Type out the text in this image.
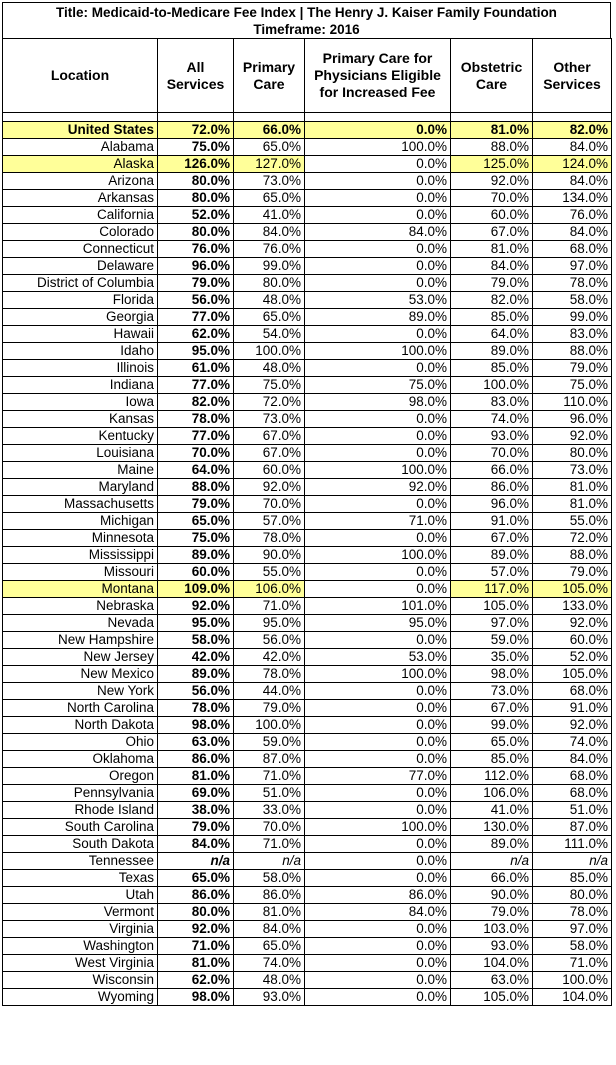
Title: Medicaid-to-Medicare Fee Index | The Henry J. Kaiser Family Foundation
Timeframe: 2016
Location	All Services	Primary Care	Primary Care for Physicians Eligible for Increased Fee	Obstetric Care	Other Services

United States	72.0%	66.0%	0.0%	81.0%	82.0%
Alabama	75.0%	65.0%	100.0%	88.0%	84.0%
Alaska	126.0%	127.0%	0.0%	125.0%	124.0%
Arizona	80.0%	73.0%	0.0%	92.0%	84.0%
Arkansas	80.0%	65.0%	0.0%	70.0%	134.0%
California	52.0%	41.0%	0.0%	60.0%	76.0%
Colorado	80.0%	84.0%	84.0%	67.0%	84.0%
Connecticut	76.0%	76.0%	0.0%	81.0%	68.0%
Delaware	96.0%	99.0%	0.0%	84.0%	97.0%
District of Columbia	79.0%	80.0%	0.0%	79.0%	78.0%
Florida	56.0%	48.0%	53.0%	82.0%	58.0%
Georgia	77.0%	65.0%	89.0%	85.0%	99.0%
Hawaii	62.0%	54.0%	0.0%	64.0%	83.0%
Idaho	95.0%	100.0%	100.0%	89.0%	88.0%
Illinois	61.0%	48.0%	0.0%	85.0%	79.0%
Indiana	77.0%	75.0%	75.0%	100.0%	75.0%
Iowa	82.0%	72.0%	98.0%	83.0%	110.0%
Kansas	78.0%	73.0%	0.0%	74.0%	96.0%
Kentucky	77.0%	67.0%	0.0%	93.0%	92.0%
Louisiana	70.0%	67.0%	0.0%	70.0%	80.0%
Maine	64.0%	60.0%	100.0%	66.0%	73.0%
Maryland	88.0%	92.0%	92.0%	86.0%	81.0%
Massachusetts	79.0%	70.0%	0.0%	96.0%	81.0%
Michigan	65.0%	57.0%	71.0%	91.0%	55.0%
Minnesota	75.0%	78.0%	0.0%	67.0%	72.0%
Mississippi	89.0%	90.0%	100.0%	89.0%	88.0%
Missouri	60.0%	55.0%	0.0%	57.0%	79.0%
Montana	109.0%	106.0%	0.0%	117.0%	105.0%
Nebraska	92.0%	71.0%	101.0%	105.0%	133.0%
Nevada	95.0%	95.0%	95.0%	97.0%	92.0%
New Hampshire	58.0%	56.0%	0.0%	59.0%	60.0%
New Jersey	42.0%	42.0%	53.0%	35.0%	52.0%
New Mexico	89.0%	78.0%	100.0%	98.0%	105.0%
New York	56.0%	44.0%	0.0%	73.0%	68.0%
North Carolina	78.0%	79.0%	0.0%	67.0%	91.0%
North Dakota	98.0%	100.0%	0.0%	99.0%	92.0%
Ohio	63.0%	59.0%	0.0%	65.0%	74.0%
Oklahoma	86.0%	87.0%	0.0%	85.0%	84.0%
Oregon	81.0%	71.0%	77.0%	112.0%	68.0%
Pennsylvania	69.0%	51.0%	0.0%	106.0%	68.0%
Rhode Island	38.0%	33.0%	0.0%	41.0%	51.0%
South Carolina	79.0%	70.0%	100.0%	130.0%	87.0%
South Dakota	84.0%	71.0%	0.0%	89.0%	111.0%
Tennessee	n/a	n/a	0.0%	n/a	n/a
Texas	65.0%	58.0%	0.0%	66.0%	85.0%
Utah	86.0%	86.0%	86.0%	90.0%	80.0%
Vermont	80.0%	81.0%	84.0%	79.0%	78.0%
Virginia	92.0%	84.0%	0.0%	103.0%	97.0%
Washington	71.0%	65.0%	0.0%	93.0%	58.0%
West Virginia	81.0%	74.0%	0.0%	104.0%	71.0%
Wisconsin	62.0%	48.0%	0.0%	63.0%	100.0%
Wyoming	98.0%	93.0%	0.0%	105.0%	104.0%
